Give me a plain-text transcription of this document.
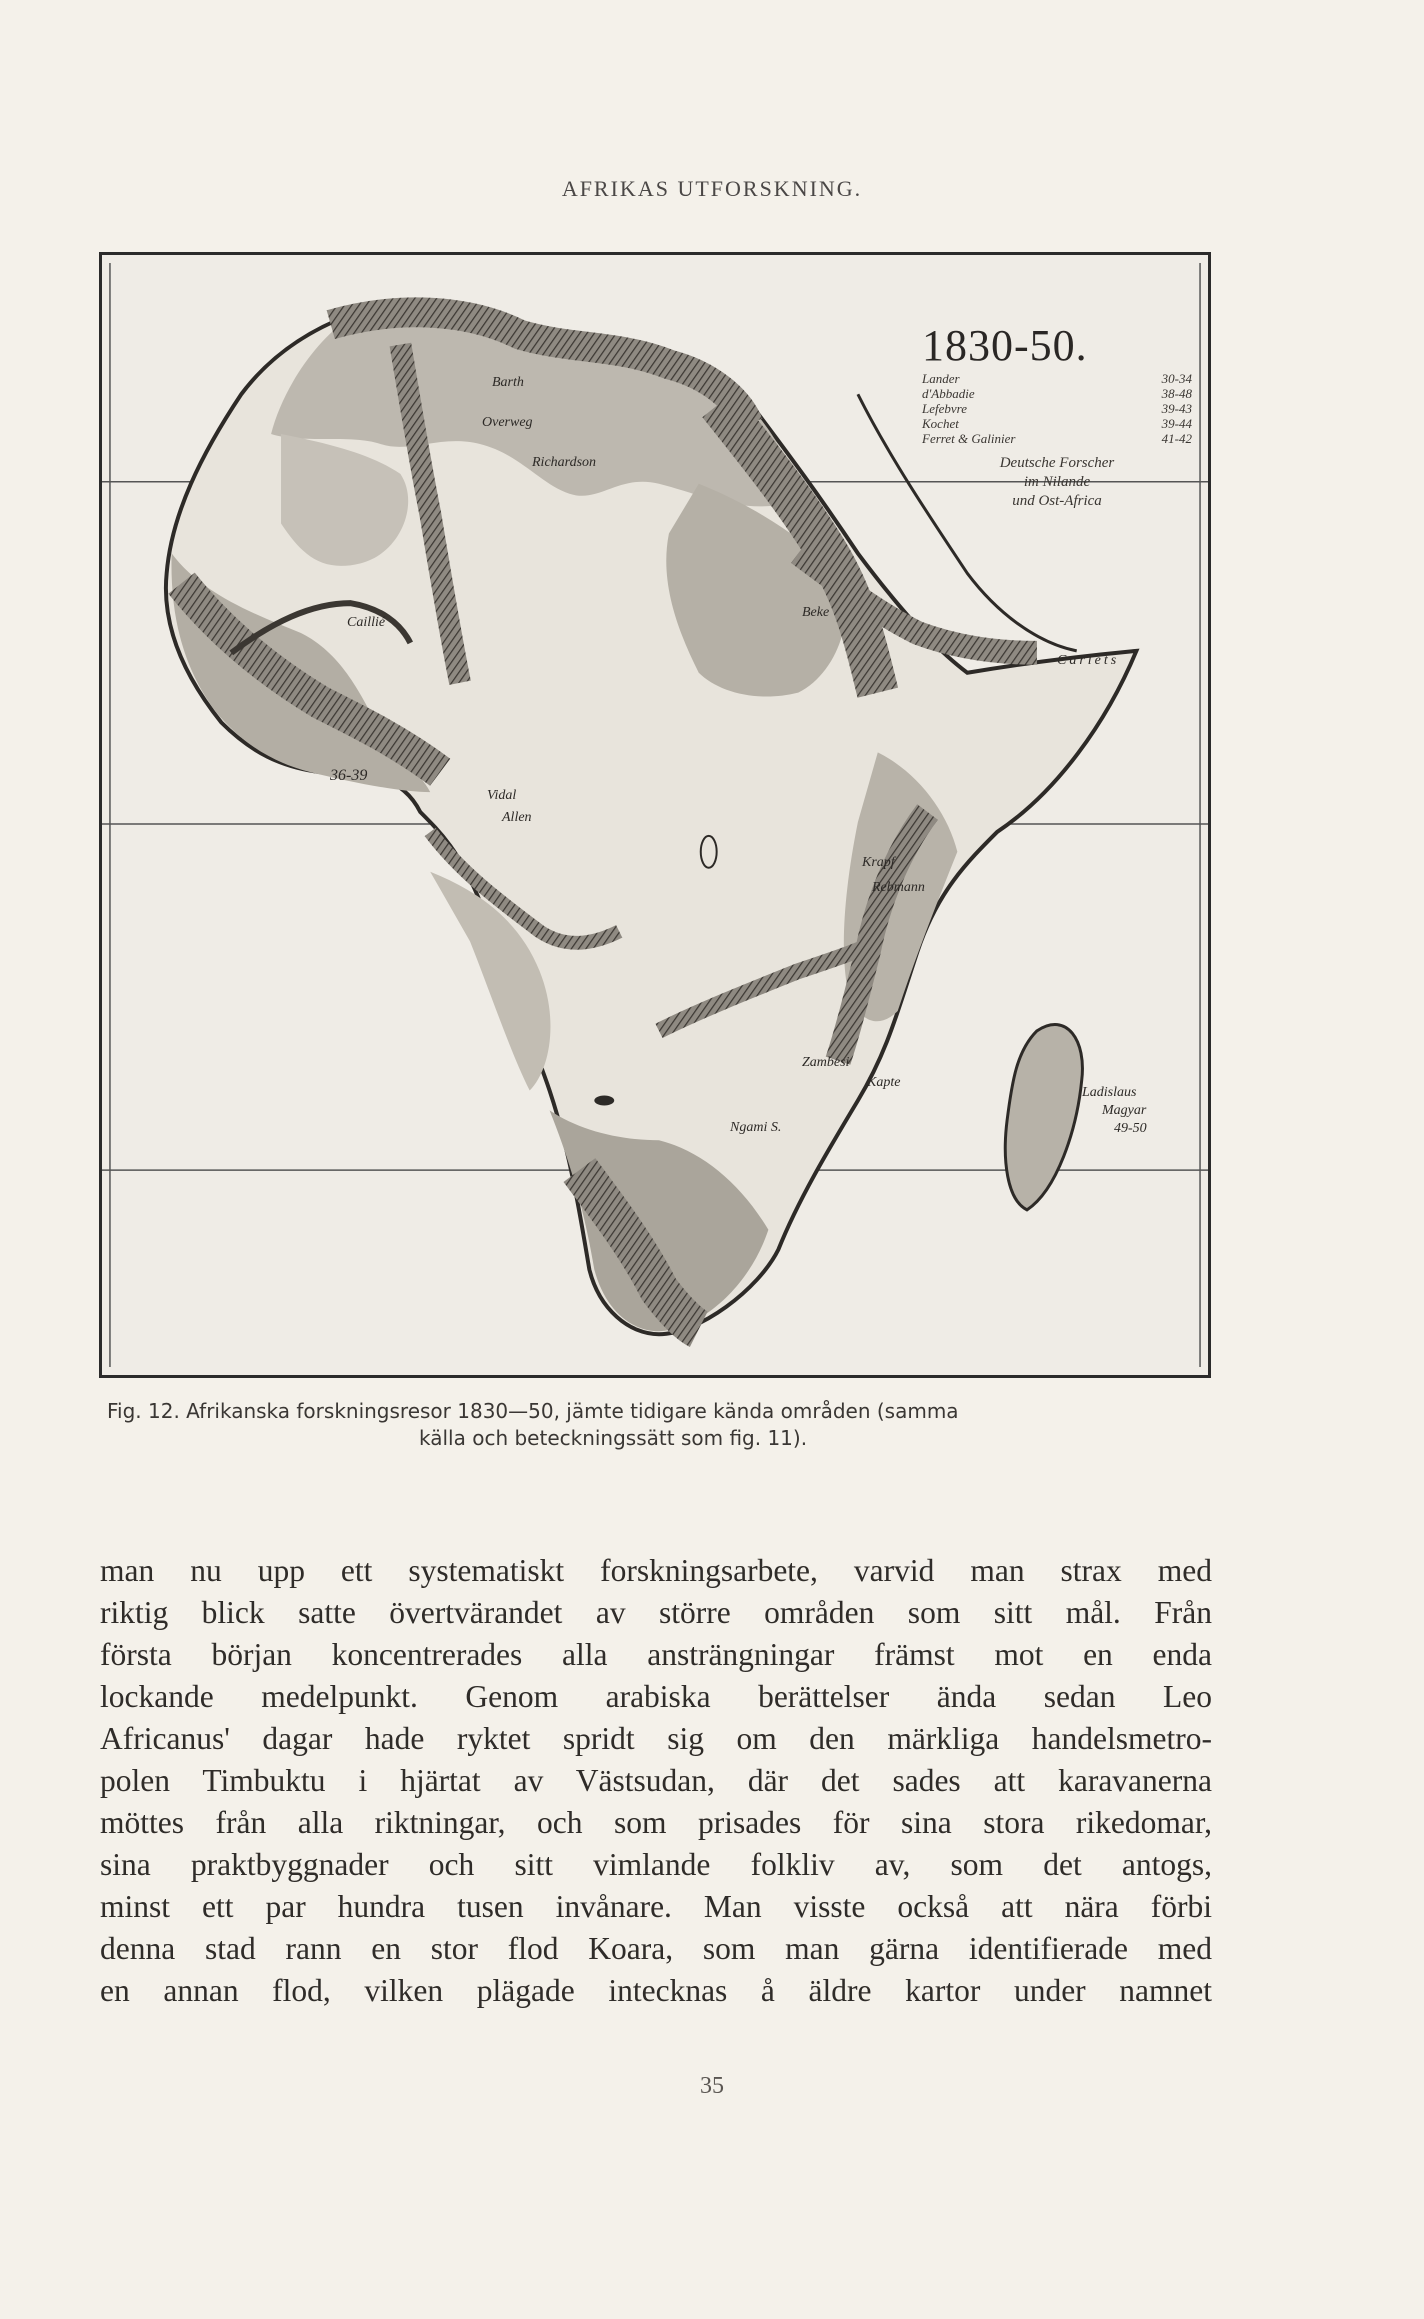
AFRIKAS UTFORSKNING.
1830-50.
Lander	30-34
d'Abbadie	38-48
Lefebvre	39-43
Kochet	39-44
Ferret & Galinier	41-42
Deutsche Forscher
im Nilande
und Ost-Africa
Caillié
36-39
Vidal
Allen
Beke
Carlets
Ngami S.
Zambesi
Kapte
Ladislaus
Magyar
49-50
Krapf
Rebmann
Barth
Overweg
Richardson
Fig. 12. Afrikanska forskningsresor 1830—50, jämte tidigare kända områden (samma
källa och beteckningssätt som fig. 11).
man nu upp ett systematiskt forskningsarbete, varvid man strax med
riktig blick satte övertvärandet av större områden som sitt mål. Från
första början koncentrerades alla ansträngningar främst mot en enda
lockande medelpunkt. Genom arabiska berättelser ända sedan Leo
Africanus' dagar hade ryktet spridt sig om den märkliga handelsmetro-
polen Timbuktu i hjärtat av Västsudan, där det sades att karavanerna
möttes från alla riktningar, och som prisades för sina stora rikedomar,
sina praktbyggnader och sitt vimlande folkliv av, som det antogs,
minst ett par hundra tusen invånare. Man visste också att nära förbi
denna stad rann en stor flod Koara, som man gärna identifierade med
en annan flod, vilken plägade intecknas å äldre kartor under namnet
35
